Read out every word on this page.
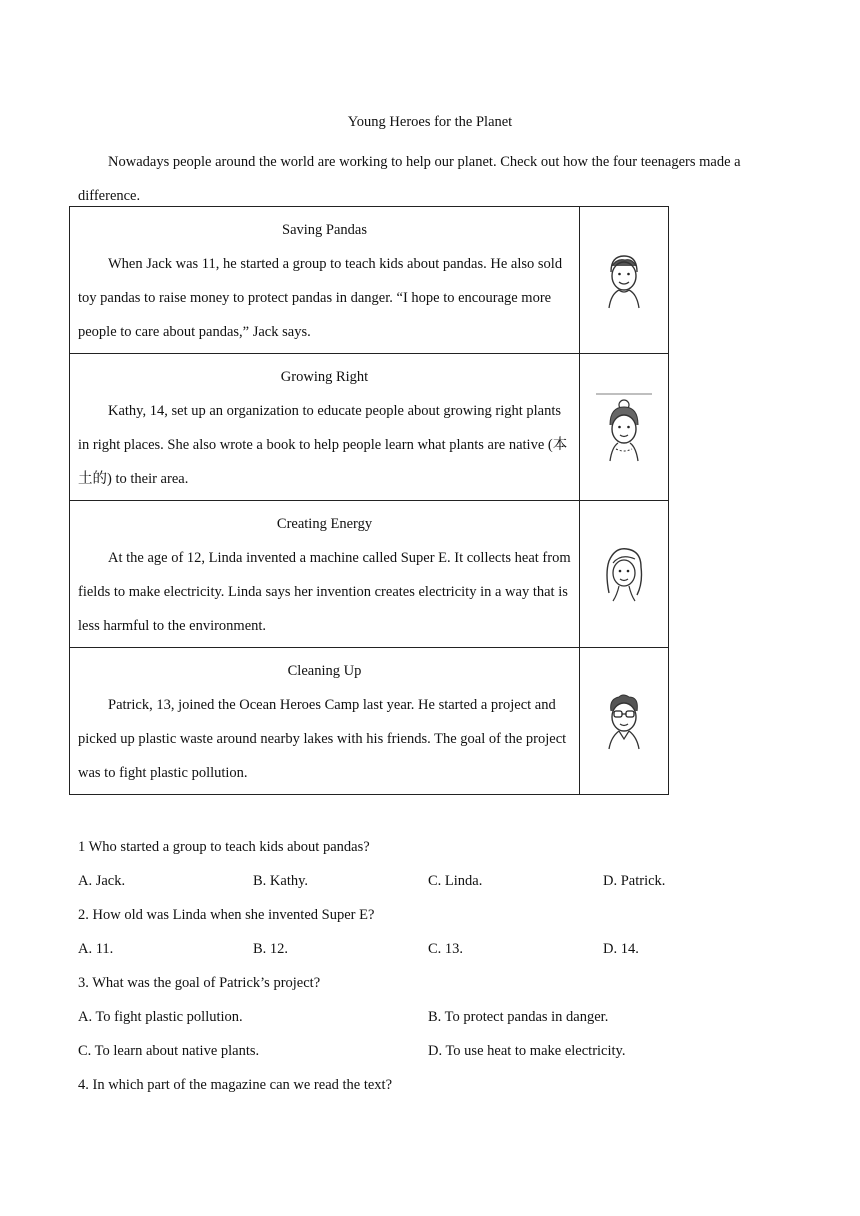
Young Heroes for the Planet
Nowadays people around the world are working to help our planet. Check out how the four teenagers made a difference.
Saving Pandas
When Jack was 11, he started a group to teach kids about pandas. He also sold toy pandas to raise money to protect pandas in danger. “I hope to encourage more people to care about pandas,” Jack says.

Growing Right
Kathy, 14, set up an organization to educate people about growing right plants in right places. She also wrote a book to help people learn what plants are native (本土的) to their area.

Creating Energy
At the age of 12, Linda invented a machine called Super E. It collects heat from fields to make electricity. Linda says her invention creates electricity in a way that is less harmful to the environment.

Cleaning Up
Patrick, 13, joined the Ocean Heroes Camp last year. He started a project and picked up plastic waste around nearby lakes with his friends. The goal of the project was to fight plastic pollution.

1 Who started a group to teach kids about pandas?
A. Jack.	B. Kathy.	C. Linda.	D. Patrick.
2. How old was Linda when she invented Super E?
A. 11.	B. 12.	C. 13.	D. 14.
3. What was the goal of Patrick’s project?
A. To fight plastic pollution.	B. To protect pandas in danger.
C. To learn about native plants.	D. To use heat to make electricity.
4. In which part of the magazine can we read the text?
